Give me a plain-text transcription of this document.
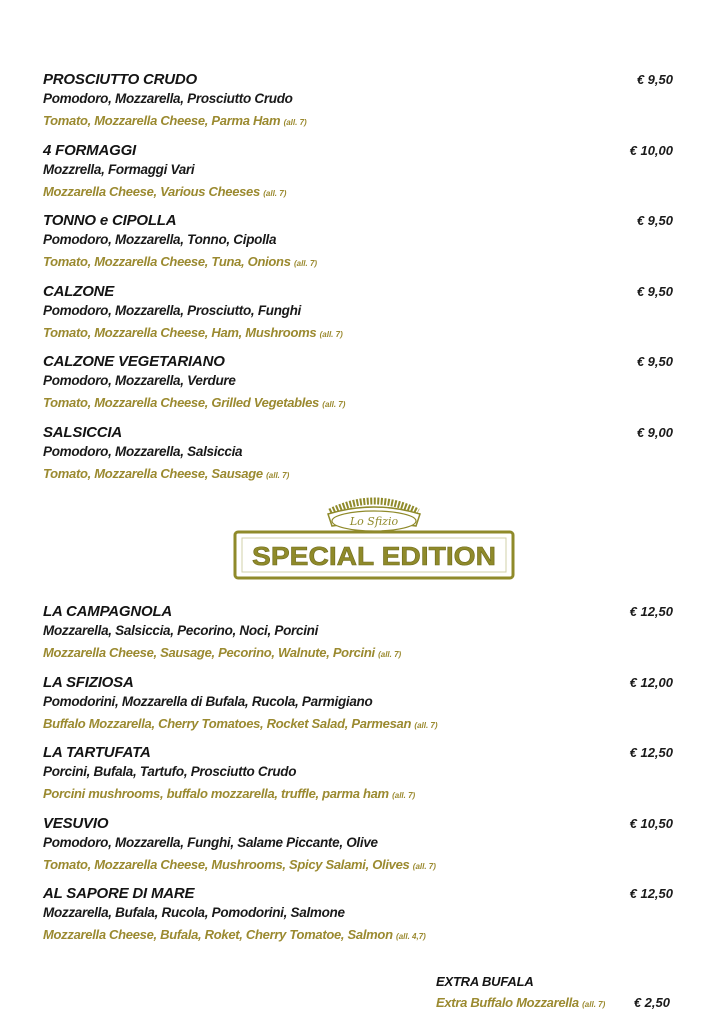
PROSCIUTTO CRUDO	€ 9,50
Pomodoro, Mozzarella, Prosciutto Crudo
Tomato, Mozzarella Cheese, Parma Ham (all. 7)
4 FORMAGGI	€ 10,00
Mozzrella, Formaggi Vari
Mozzarella Cheese, Various Cheeses (all. 7)
TONNO e CIPOLLA	€ 9,50
Pomodoro, Mozzarella, Tonno, Cipolla
Tomato, Mozzarella Cheese, Tuna, Onions (all. 7)
CALZONE	€ 9,50
Pomodoro, Mozzarella, Prosciutto, Funghi
Tomato, Mozzarella Cheese, Ham, Mushrooms (all. 7)
CALZONE VEGETARIANO	€ 9,50
Pomodoro, Mozzarella, Verdure
Tomato, Mozzarella Cheese, Grilled Vegetables (all. 7)
SALSICCIA	€ 9,00
Pomodoro, Mozzarella, Salsiccia
Tomato, Mozzarella Cheese, Sausage (all. 7)
Lo Sfizio
SPECIAL EDITION
LA CAMPAGNOLA	€ 12,50
Mozzarella, Salsiccia, Pecorino, Noci, Porcini
Mozzarella Cheese, Sausage, Pecorino, Walnute, Porcini (all. 7)
LA SFIZIOSA	€ 12,00
Pomodorini, Mozzarella di Bufala, Rucola, Parmigiano
Buffalo Mozzarella, Cherry Tomatoes, Rocket Salad, Parmesan (all. 7)
LA TARTUFATA	€ 12,50
Porcini, Bufala, Tartufo, Prosciutto Crudo
Porcini mushrooms, buffalo mozzarella, truffle, parma ham (all. 7)
VESUVIO	€ 10,50
Pomodoro, Mozzarella, Funghi, Salame Piccante, Olive
Tomato, Mozzarella Cheese, Mushrooms, Spicy Salami, Olives (all. 7)
AL SAPORE DI MARE	€ 12,50
Mozzarella, Bufala, Rucola, Pomodorini, Salmone
Mozzarella Cheese, Bufala, Roket, Cherry Tomatoe, Salmon (all. 4,7)
EXTRA BUFALA
Extra Buffalo Mozzarella (all. 7)	€ 2,50
